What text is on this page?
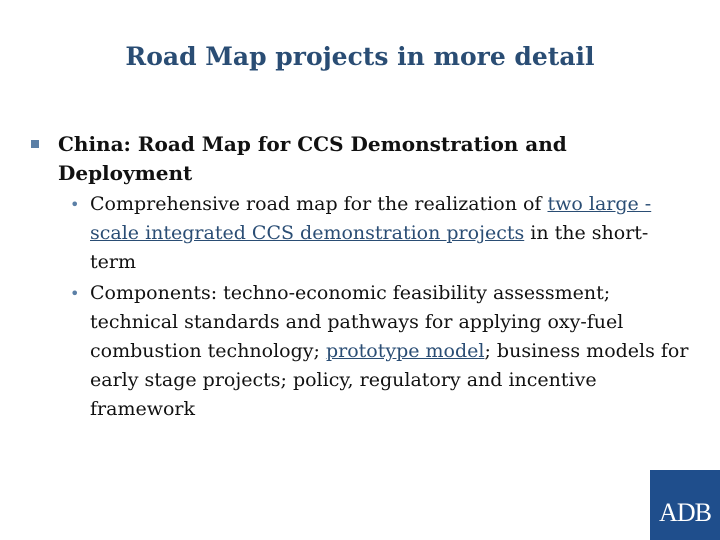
Road Map projects in more detail
China: Road Map for CCS Demonstration and Deployment
• Comprehensive road map for the realization of two large -scale integrated CCS demonstration projects in the short-term
• Components: techno-economic feasibility assessment; technical standards and pathways for applying oxy-fuel combustion technology; prototype model; business models for early stage projects; policy, regulatory and incentive framework
ADB
